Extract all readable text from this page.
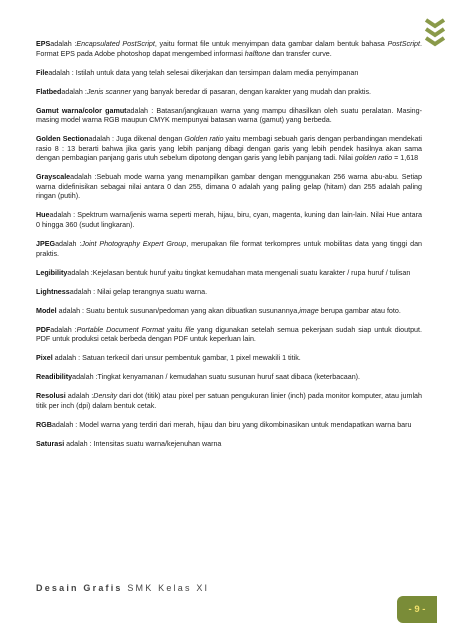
EPSadalah :Encapsulated PostScript, yaitu format file untuk menyimpan data gambar dalam bentuk bahasa PostScript. Format EPS pada Adobe photoshop dapat mengembed informasi halftone dan transfer curve.

Fileadalah : Istilah untuk data yang telah selesai dikerjakan dan tersimpan dalam media penyimpanan

Flatbedadalah :Jenis scanner yang banyak beredar di pasaran, dengan karakter yang mudah dan praktis.

Gamut warna/color gamutadalah : Batasan/jangkauan warna yang mampu dihasilkan oleh suatu peralatan. Masing-masing model warna RGB maupun CMYK mempunyai batasan warna (gamut) yang berbeda.

Golden Sectionadalah : Juga dikenal dengan Golden ratio yaitu membagi sebuah garis dengan perbandingan mendekati rasio 8 : 13 berarti bahwa jika garis yang lebih panjang dibagi dengan garis yang lebih pendek hasilnya akan sama dengan pembagian panjang garis utuh sebelum dipotong dengan garis yang lebih panjang tadi. Nilai golden ratio = 1,618

Grayscaleadalah :Sebuah mode warna yang menampilkan gambar dengan menggunakan 256 warna abu-abu. Setiap warna didefinisikan sebagai nilai antara 0 dan 255, dimana 0 adalah yang paling gelap (hitam) dan 255 adalah paling ringan (putih).

Hueadalah : Spektrum warna/jenis warna seperti merah, hijau, biru, cyan, magenta, kuning dan lain-lain. Nilai Hue antara 0 hingga 360 (sudut lingkaran).

JPEGadalah :Joint Photography Expert Group, merupakan file format terkompres untuk mobilitas data yang tinggi dan praktis.

Legibilityadalah :Kejelasan bentuk huruf yaitu tingkat kemudahan mata mengenali suatu karakter / rupa huruf / tulisan

Lightnessadalah : Nilai gelap terangnya suatu warna.

Model adalah : Suatu bentuk susunan/pedoman yang akan dibuatkan susunannya,image berupa gambar atau foto.

PDFadalah :Portable Document Format yaitu file yang digunakan setelah semua pekerjaan sudah siap untuk dioutput. PDF untuk produksi cetak berbeda dengan PDF untuk keperluan lain.

Pixel adalah : Satuan terkecil dari unsur pembentuk gambar, 1 pixel mewakili 1 titik.

Readibilityadalah :Tingkat kenyamanan / kemudahan suatu susunan huruf saat dibaca (keterbacaan).

Resolusi adalah :Density dari dot (titik) atau pixel per satuan pengukuran linier (inch) pada monitor komputer, atau jumlah titik per inch (dpi) dalam bentuk cetak.

RGBadalah : Model warna yang terdiri dari merah, hijau dan biru yang dikombinasikan untuk mendapatkan warna baru

Saturasi adalah : Intensitas suatu warna/kejenuhan warna

Desain Grafis SMK Kelas XI
- 9 -
